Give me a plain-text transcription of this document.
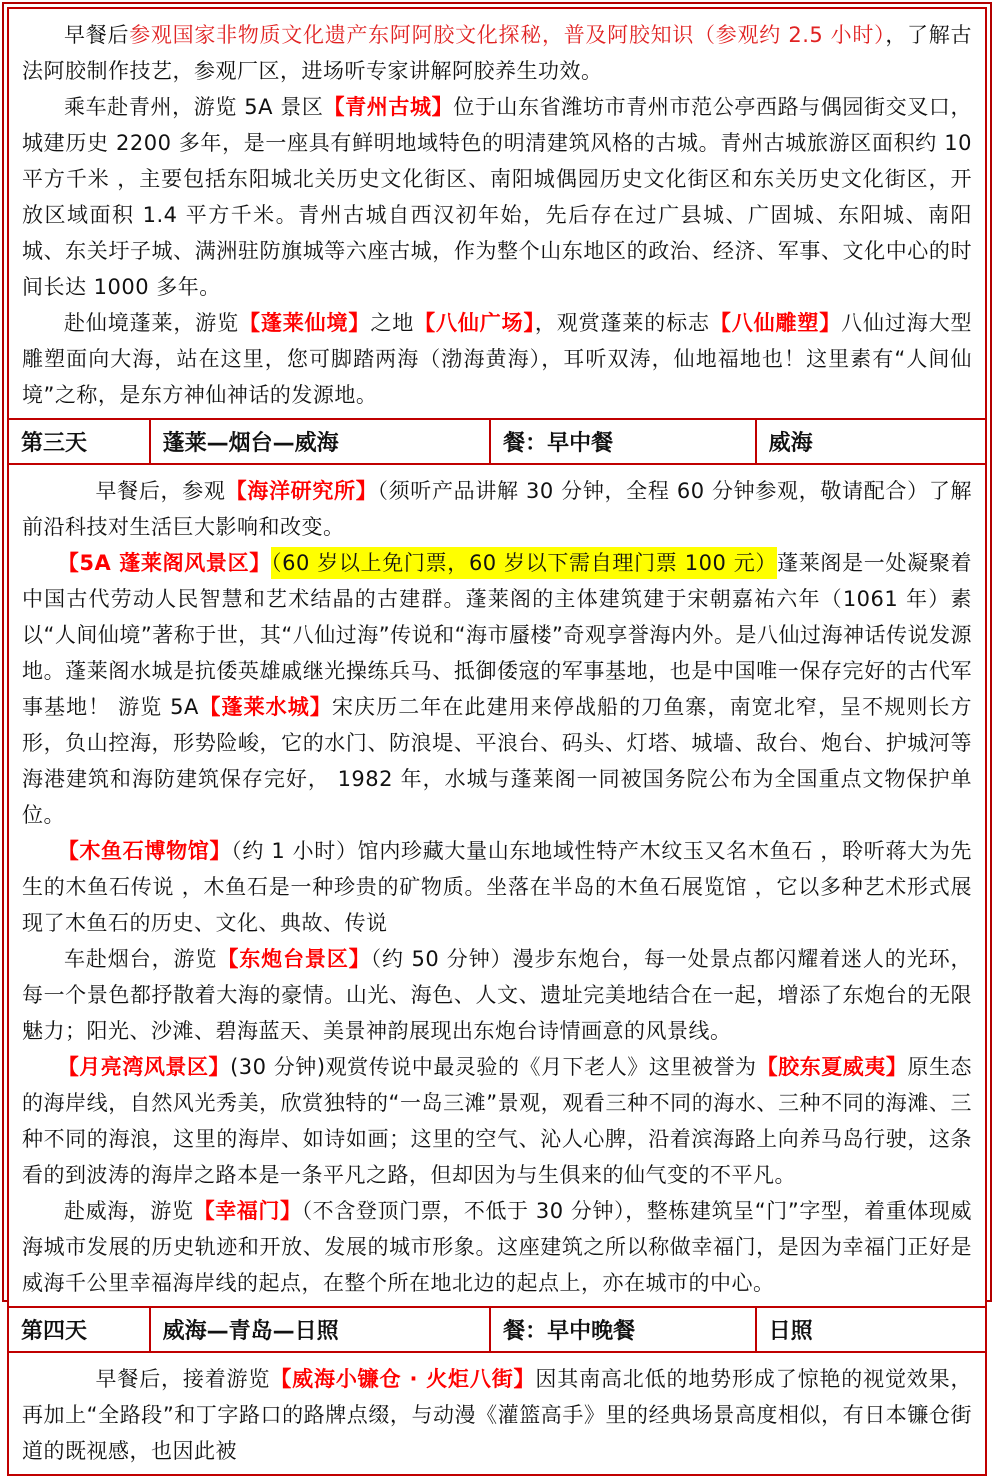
早餐后参观国家非物质文化遗产东阿阿胶文化探秘，普及阿胶知识（参观约 2.5 小时），了解古法阿胶制作技艺，参观厂区，进场听专家讲解阿胶养生功效。

乘车赴青州，游览 5A 景区【青州古城】位于山东省潍坊市青州市范公亭西路与偶园街交叉口，城建历史 2200 多年，是一座具有鲜明地域特色的明清建筑风格的古城。青州古城旅游区面积约 10 平方千米 ，主要包括东阳城北关历史文化街区、南阳城偶园历史文化街区和东关历史文化街区，开放区域面积 1.4 平方千米。青州古城自西汉初年始，先后存在过广县城、广固城、东阳城、南阳城、东关圩子城、满洲驻防旗城等六座古城，作为整个山东地区的政治、经济、军事、文化中心的时间长达 1000 多年。

赴仙境蓬莱，游览【蓬莱仙境】之地【八仙广场】，观赏蓬莱的标志【八仙雕塑】八仙过海大型雕塑面向大海，站在这里，您可脚踏两海（渤海黄海），耳听双涛，仙地福地也！这里素有“人间仙境”之称，是东方神仙神话的发源地。

第三天	蓬莱—烟台—威海	餐：早中餐	威海

早餐后，参观【海洋研究所】（须听产品讲解 30 分钟，全程 60 分钟参观，敬请配合）了解前沿科技对生活巨大影响和改变。

【5A 蓬莱阁风景区】（60 岁以上免门票，60 岁以下需自理门票 100 元）蓬莱阁是一处凝聚着中国古代劳动人民智慧和艺术结晶的古建群。蓬莱阁的主体建筑建于宋朝嘉祐六年（1061 年）素以“人间仙境”著称于世，其“八仙过海”传说和“海市蜃楼”奇观享誉海内外。是八仙过海神话传说发源地。蓬莱阁水城是抗倭英雄戚继光操练兵马、抵御倭寇的军事基地，也是中国唯一保存完好的古代军事基地！ 游览 5A【蓬莱水城】宋庆历二年在此建用来停战船的刀鱼寨，南宽北窄，呈不规则长方形，负山控海，形势险峻，它的水门、防浪堤、平浪台、码头、灯塔、城墙、敌台、炮台、护城河等海港建筑和海防建筑保存完好， 1982 年，水城与蓬莱阁一同被国务院公布为全国重点文物保护单位。

【木鱼石博物馆】（约 1 小时）馆内珍藏大量山东地域性特产木纹玉又名木鱼石 ，聆听蒋大为先生的木鱼石传说 ，木鱼石是一种珍贵的矿物质。坐落在半岛的木鱼石展览馆 ，它以多种艺术形式展现了木鱼石的历史、文化、典故、传说

车赴烟台，游览【东炮台景区】（约 50 分钟）漫步东炮台，每一处景点都闪耀着迷人的光环，每一个景色都抒散着大海的豪情。山光、海色、人文、遗址完美地结合在一起，增添了东炮台的无限魅力；阳光、沙滩、碧海蓝天、美景神韵展现出东炮台诗情画意的风景线。

【月亮湾风景区】(30 分钟)观赏传说中最灵验的《月下老人》这里被誉为【胶东夏威夷】原生态的海岸线，自然风光秀美，欣赏独特的“一岛三滩”景观，观看三种不同的海水、三种不同的海滩、三种不同的海浪，这里的海岸、如诗如画；这里的空气、沁人心脾，沿着滨海路上向养马岛行驶，这条看的到波涛的海岸之路本是一条平凡之路，但却因为与生俱来的仙气变的不平凡。

赴威海，游览【幸福门】（不含登顶门票，不低于 30 分钟），整栋建筑呈“门”字型，着重体现威海城市发展的历史轨迹和开放、发展的城市形象。这座建筑之所以称做幸福门，是因为幸福门正好是威海千公里幸福海岸线的起点，在整个所在地北边的起点上，亦在城市的中心。

第四天	威海—青岛—日照	餐：早中晚餐	日照

早餐后，接着游览【威海小镰仓 · 火炬八街】因其南高北低的地势形成了惊艳的视觉效果，再加上“全路段”和丁字路口的路牌点缀，与动漫《灌篮高手》里的经典场景高度相似，有日本镰仓街道的既视感，也因此被
